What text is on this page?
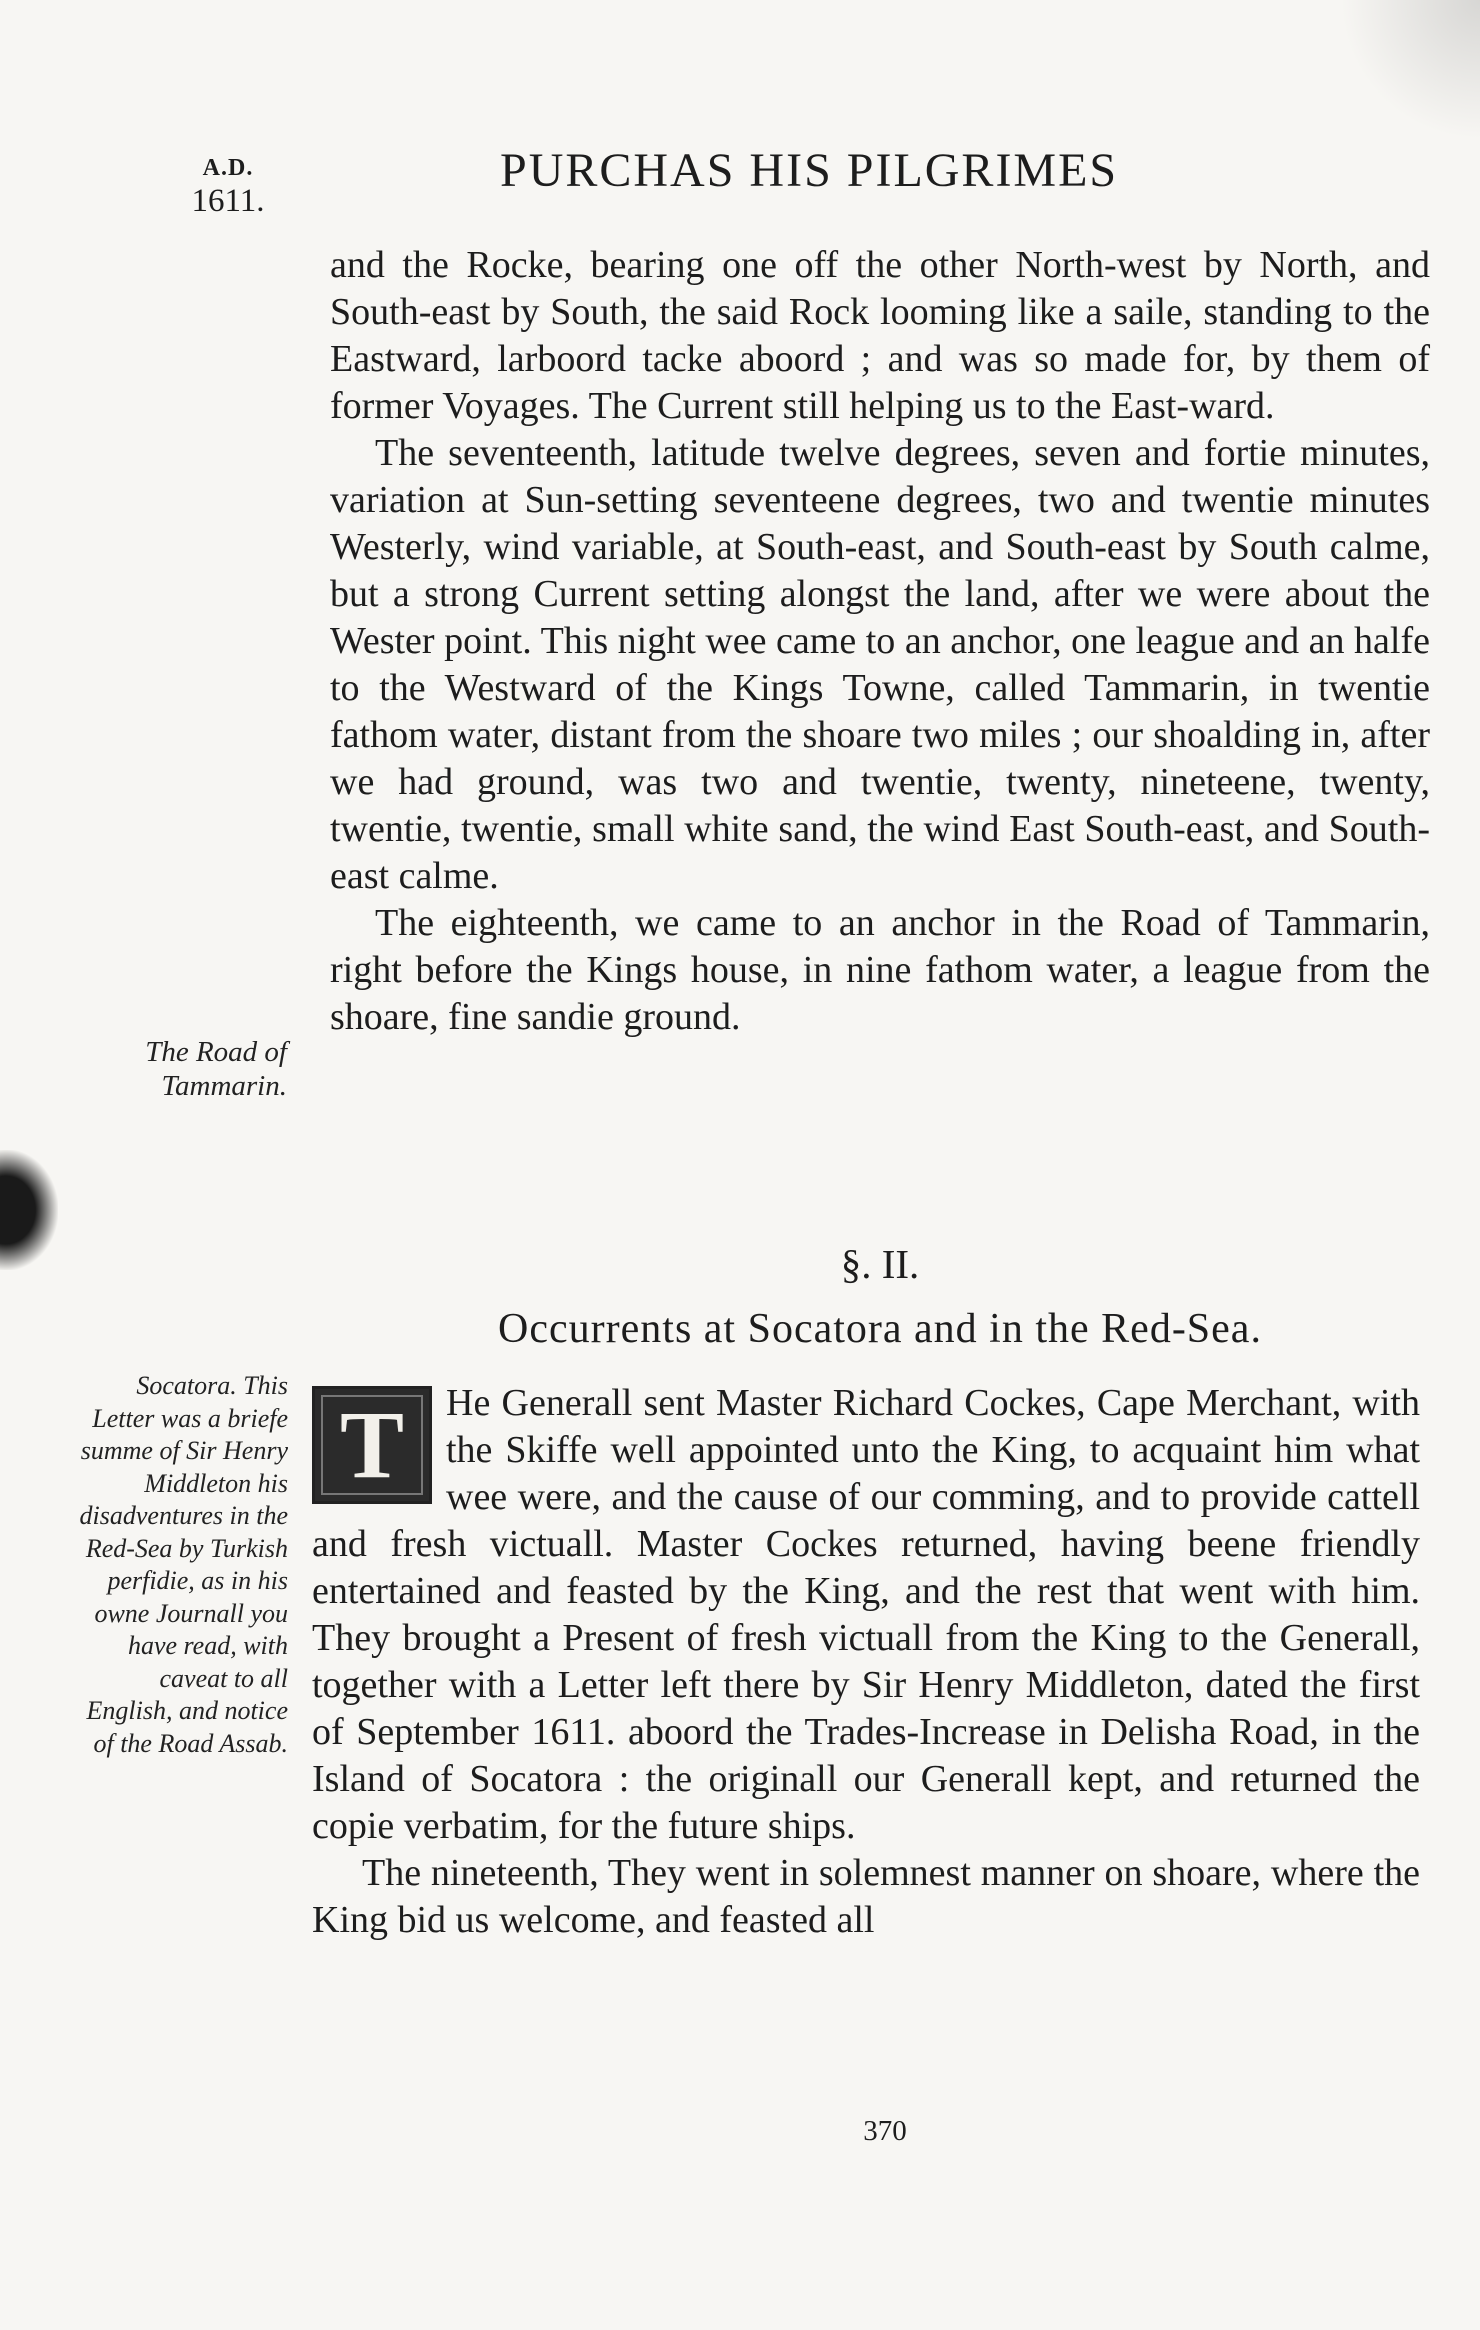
A.D.
1611.
PURCHAS HIS PILGRIMES

and the Rocke, bearing one off the other North-west by North, and South-east by South, the said Rock looming like a saile, standing to the Eastward, larboord tacke aboord ; and was so made for, by them of former Voyages. The Current still helping us to the East-ward.

The seventeenth, latitude twelve degrees, seven and fortie minutes, variation at Sun-setting seventeene degrees, two and twentie minutes Westerly, wind variable, at South-east, and South-east by South calme, but a strong Current setting alongst the land, after we were about the Wester point. This night wee came to an anchor, one league and an halfe to the Westward of the Kings Towne, called Tammarin, in twentie fathom water, distant from the shoare two miles ; our shoalding in, after we had ground, was two and twentie, twenty, nineteene, twenty, twentie, twentie, small white sand, the wind East South-east, and South-east calme.

The eighteenth, we came to an anchor in the Road of Tammarin, right before the Kings house, in nine fathom water, a league from the shoare, fine sandie ground.

The Road of Tammarin.
§. II.
Occurrents at Socatora and in the Red-Sea.
Socatora. This Letter was a briefe summe of Sir Henry Middleton his disadventures in the Red-Sea by Turkish perfidie, as in his owne Journall you have read, with caveat to all English, and notice of the Road Assab.
T	He Generall sent Master Richard Cockes, Cape Merchant, with the Skiffe well appointed unto the King, to acquaint him what wee were, and the cause of our comming, and to provide cattell and fresh victuall. Master Cockes returned, having beene friendly entertained and feasted by the King, and the rest that went with him. They brought a Present of fresh victuall from the King to the Generall, together with a Letter left there by Sir Henry Middleton, dated the first of September 1611. aboord the Trades-Increase in Delisha Road, in the Island of Socatora : the originall our Generall kept, and returned the copie verbatim, for the future ships.

The nineteenth, They went in solemnest manner on shoare, where the King bid us welcome, and feasted all

370
